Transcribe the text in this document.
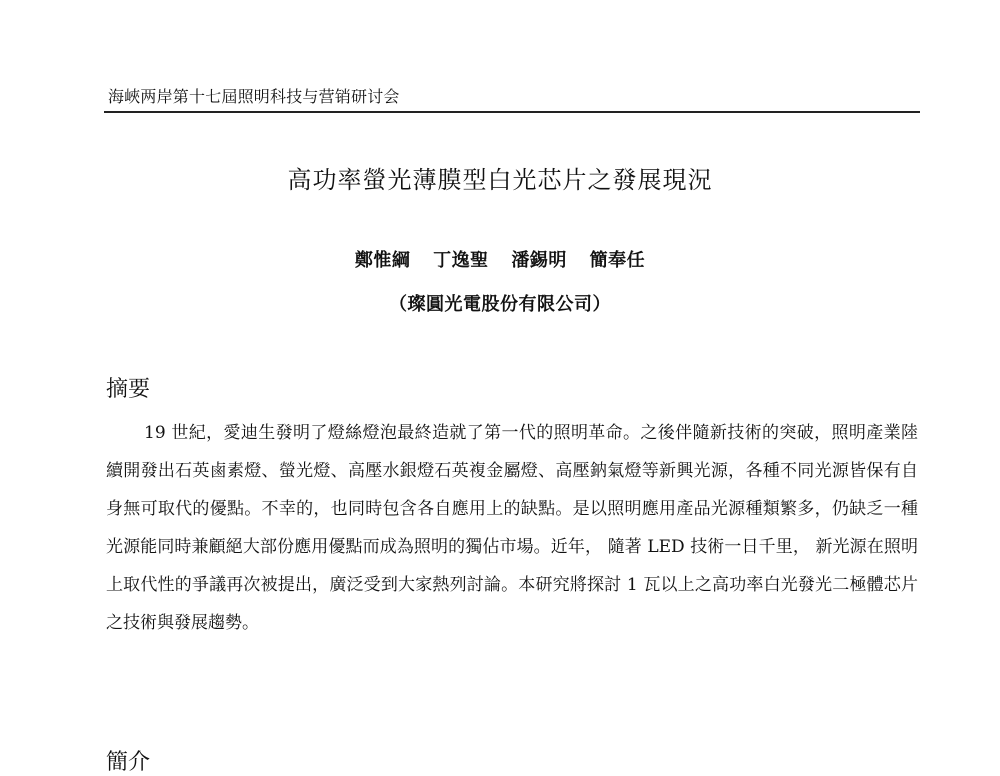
海峽两岸第十七屆照明科技与营销研讨会
高功率螢光薄膜型白光芯片之發展現況
鄭惟綱 丁逸聖 潘錫明 簡奉任
（璨圓光電股份有限公司）
摘要

19 世紀，愛迪生發明了燈絲燈泡最終造就了第一代的照明革命。之後伴隨新技術的突破，照明產業陸續開發出石英鹵素燈、螢光燈、高壓水銀燈石英複金屬燈、高壓鈉氣燈等新興光源，各種不同光源皆保有自身無可取代的優點。不幸的，也同時包含各自應用上的缺點。是以照明應用產品光源種類繁多，仍缺乏一種光源能同時兼顧絕大部份應用優點而成為照明的獨佔市場。近年， 隨著 LED 技術一日千里， 新光源在照明上取代性的爭議再次被提出，廣泛受到大家熱列討論。本研究將探討 1 瓦以上之高功率白光發光二極體芯片之技術與發展趨勢。

簡介
